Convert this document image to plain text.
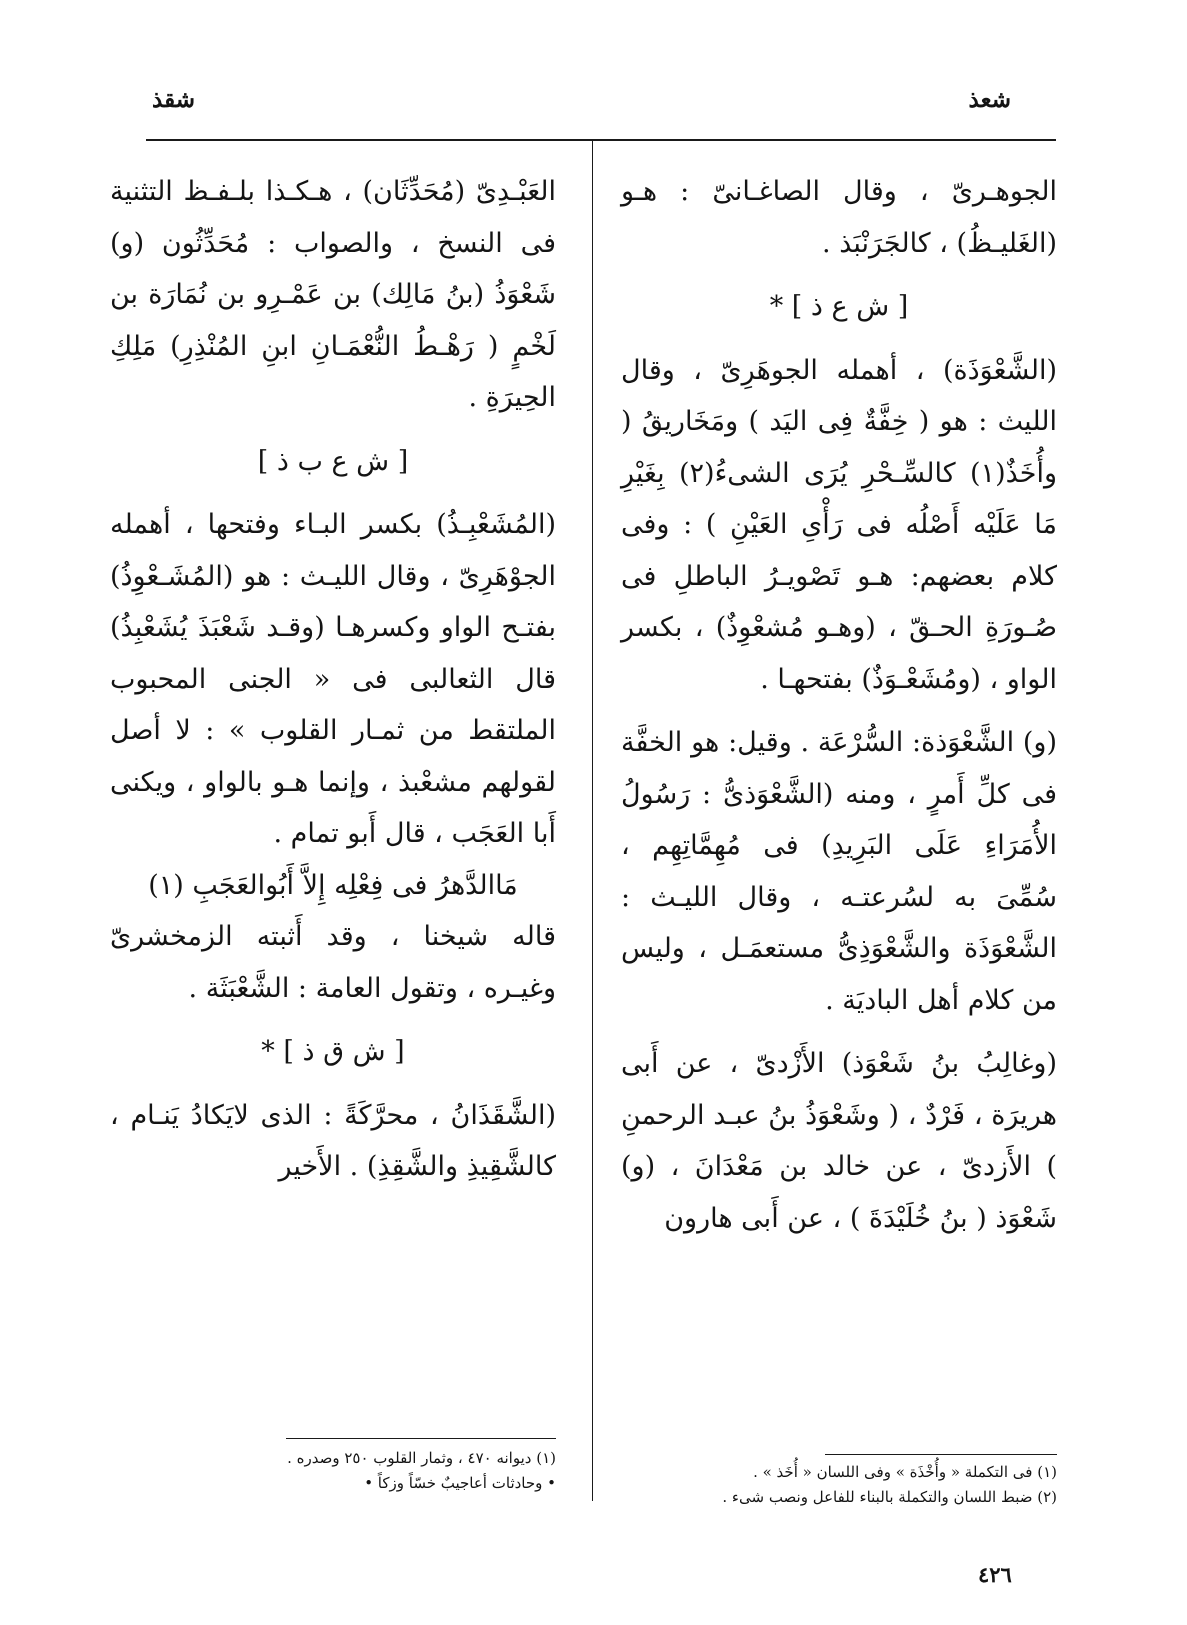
شعذ
شقذ

الجوهـرىّ ، وقال الصاغـانىّ : هـو (الغَليـظُ) ، كالجَرَنْبَذ .

[ ش ع ذ ] *

(الشَّعْوَذَة) ، أهمله الجوهَرِىّ ، وقال الليث : هو ( خِفَّةٌ فِى اليَد ) ومَخَاريقُ ( وأُخَذٌ(١) كالسِّـحْرِ يُرَى الشىءُ(٢) بِغَيْرِ مَا عَلَيْه أَصْلُه فى رَأْىِ العَيْنِ ) : وفى كلام بعضهم: هـو تَصْويـرُ الباطلِ فى صُـورَةِ الحـقّ ، (وهـو مُشعْوِذٌ) ، بكسر الواو ، (ومُشَعْـوَذٌ) بفتحهـا .

(و) الشَّعْوَذة: السُّرْعَة . وقيل: هو الخفَّة فى كلِّ أَمرٍ ، ومنه (الشَّعْوَذىُّ : رَسُولُ الأُمَرَاءِ عَلَى البَرِيدِ) فى مُهِمَّاتِهِم ، سُمِّىَ به لسُرعتـه ، وقال الليـث : الشَّعْوَذَة والشَّعْوَذِىُّ مستعمَـل ، وليس من كلام أهل الباديَة .

(وغالِبُ بنُ شَعْوَذ) الأَزْدىّ ، عن أَبى هريرَة ، فَرْدٌ ، ( وشَعْوَذُ بنُ عبـد الرحمنِ ) الأَزدىّ ، عن خالد بن مَعْدَانَ ، (و) شَعْوَذ ( بنُ خُلَيْدَةَ ) ، عن أَبى هارون

العَبْـدِىّ (مُحَدِّثَان) ، هـكـذا بلـفـظ التثنية فى النسخ ، والصواب : مُحَدِّثُون (و) شَعْوَذُ (بنُ مَالِك) بن عَمْـرِو بن نُمَارَة بن لَخْمٍ ( رَهْـطُ النُّعْمَـانِ ابنِ المُنْذِرِ) مَلِكِ الحِيرَةِ .

[ ش ع ب ذ ]

(المُشَعْبِـذُ) بكسر البـاء وفتحها ، أهمله الجوْهَرِىّ ، وقال الليـث : هو (المُشَـعْوِذُ) بفتـح الواو وكسرهـا (وقـد شَعْبَذَ يُشَعْبِذُ) قال الثعالبى فى « الجنى المحبوب الملتقط من ثمـار القلوب » : لا أصل لقولهم مشعْبذ ، وإنما هـو بالواو ، ويكنى أَبا العَجَب ، قال أَبو تمام .

مَاالدَّهرُ فى فِعْلِه إِلاَّ أَبُوالعَجَبِ (١)

قاله شيخنا ، وقد أَثبته الزمخشرىّ وغيـره ، وتقول العامة : الشَّعْبَثَة .

[ ش ق ذ ] *

(الشَّقَذَانُ ، محرَّكَةً : الذى لايَكادُ يَنـام ، كالشَّقِيذِ والشَّقِذِ) . الأَخير

(١) فى التكملة « وأُخْذَة » وفى اللسان « أُخَذ » .

(٢) ضبط اللسان والتكملة بالبناء للفاعل ونصب شىء .

(١) ديوانه ٤٧٠ ، وثمار القلوب ٢٥٠ وصدره .

• وحادثات أعاجيبٌ خسّاً وزكاً •

٤٢٦
